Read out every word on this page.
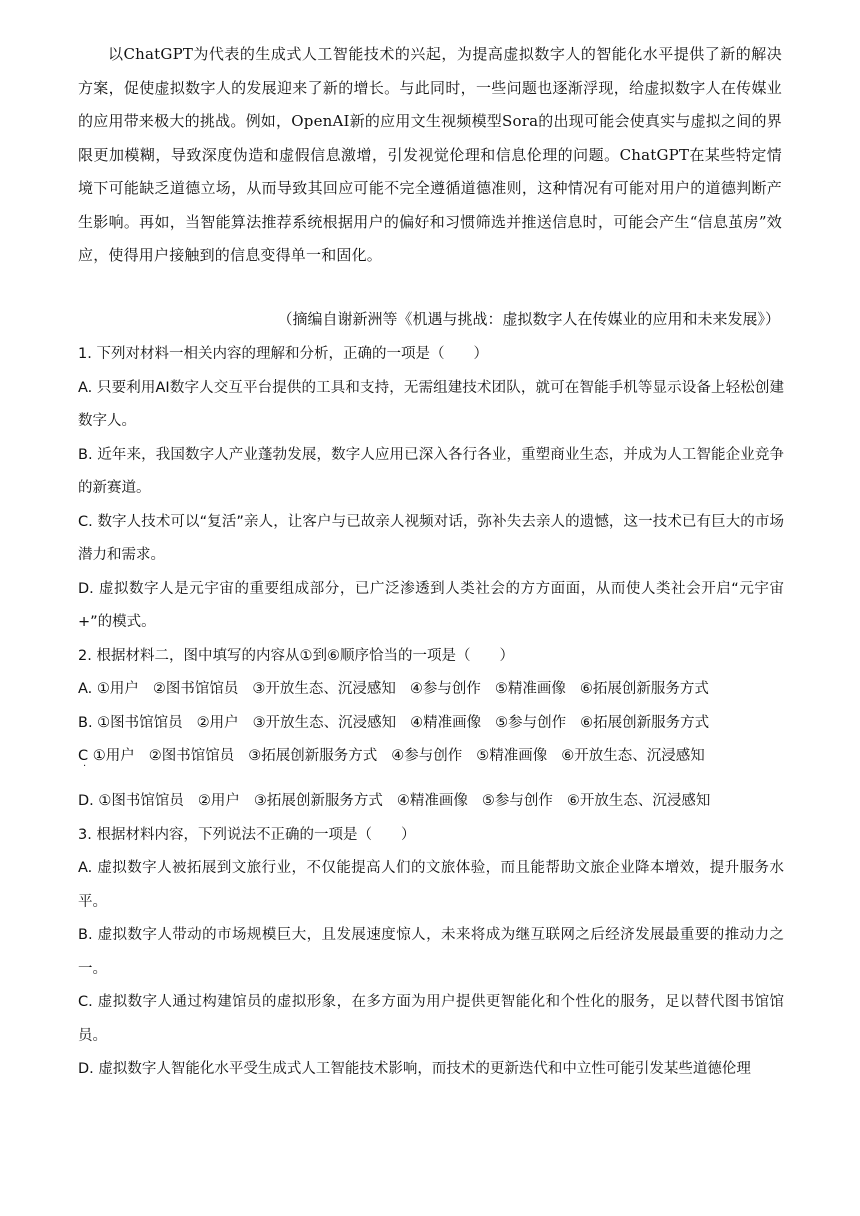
以ChatGPT为代表的生成式人工智能技术的兴起，为提高虚拟数字人的智能化水平提供了新的解决方案，促使虚拟数字人的发展迎来了新的增长。与此同时，一些问题也逐渐浮现，给虚拟数字人在传媒业的应用带来极大的挑战。例如，OpenAI新的应用文生视频模型Sora的出现可能会使真实与虚拟之间的界限更加模糊，导致深度伪造和虚假信息激增，引发视觉伦理和信息伦理的问题。ChatGPT在某些特定情境下可能缺乏道德立场，从而导致其回应可能不完全遵循道德准则，这种情况有可能对用户的道德判断产生影响。再如，当智能算法推荐系统根据用户的偏好和习惯筛选并推送信息时，可能会产生“信息茧房”效应，使得用户接触到的信息变得单一和固化。
（摘编自谢新洲等《机遇与挑战：虚拟数字人在传媒业的应用和未来发展》）

1. 下列对材料一相关内容的理解和分析，正确的一项是（　　）

A. 只要利用AI数字人交互平台提供的工具和支持，无需组建技术团队，就可在智能手机等显示设备上轻松创建数字人。

B. 近年来，我国数字人产业蓬勃发展，数字人应用已深入各行各业，重塑商业生态，并成为人工智能企业竞争的新赛道。

C. 数字人技术可以“复活”亲人，让客户与已故亲人视频对话，弥补失去亲人的遗憾，这一技术已有巨大的市场潜力和需求。

D. 虚拟数字人是元宇宙的重要组成部分，已广泛渗透到人类社会的方方面面，从而使人类社会开启“元宇宙+”的模式。

2. 根据材料二，图中填写的内容从①到⑥顺序恰当的一项是（　　）

A. ①用户 ②图书馆馆员 ③开放生态、沉浸感知 ④参与创作 ⑤精准画像 ⑥拓展创新服务方式

B. ①图书馆馆员 ②用户 ③开放生态、沉浸感知 ④精准画像 ⑤参与创作 ⑥拓展创新服务方式

C ①用户 ②图书馆馆员 ③拓展创新服务方式 ④参与创作 ⑤精准画像 ⑥开放生态、沉浸感知
·

D. ①图书馆馆员 ②用户 ③拓展创新服务方式 ④精准画像 ⑤参与创作 ⑥开放生态、沉浸感知

3. 根据材料内容，下列说法不正确的一项是（　　）

A. 虚拟数字人被拓展到文旅行业，不仅能提高人们的文旅体验，而且能帮助文旅企业降本增效，提升服务水平。

B. 虚拟数字人带动的市场规模巨大，且发展速度惊人，未来将成为继互联网之后经济发展最重要的推动力之一。

C. 虚拟数字人通过构建馆员的虚拟形象，在多方面为用户提供更智能化和个性化的服务，足以替代图书馆馆员。

D. 虚拟数字人智能化水平受生成式人工智能技术影响，而技术的更新迭代和中立性可能引发某些道德伦理
